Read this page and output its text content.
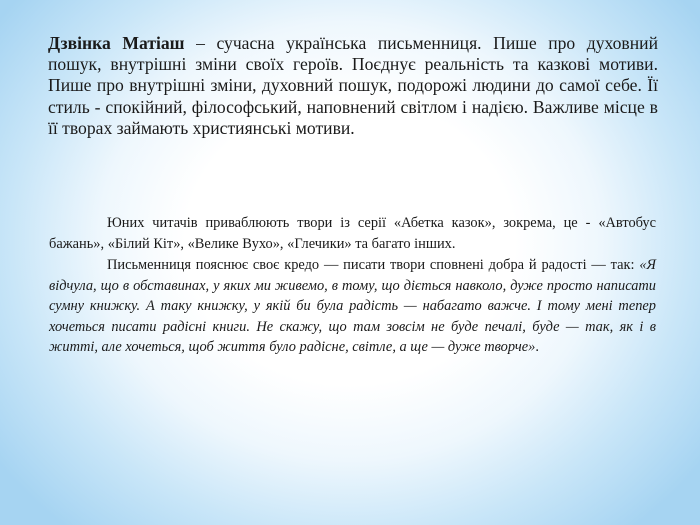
Дзвінка Матіаш – сучасна українська письменниця. Пише про духовний пошук, внутрішні зміни своїх героїв. Поєднує реальність та казкові мотиви. Пише про внутрішні зміни, духовний пошук, подорожі людини до самої себе. Її стиль - спокійний, філософський, наповнений світлом і надією. Важливе місце в її творах займають християнські мотиви.

Юних читачів приваблюють твори із серії «Абетка казок», зокрема, це - «Автобус бажань», «Білий Кіт», «Велике Вухо», «Глечики» та багато інших.

Письменниця пояснює своє кредо — писати твори сповнені добра й радості — так: «Я відчула, що в обставинах, у яких ми живемо, в тому, що діється навколо, дуже просто написати сумну книжку. А таку книжку, у якій би була радість — набагато важче. І тому мені тепер хочеться писати радісні книги. Не скажу, що там зовсім не буде печалі, буде — так, як і в житті, але хочеться, щоб життя було радісне, світле, а ще — дуже творче».
